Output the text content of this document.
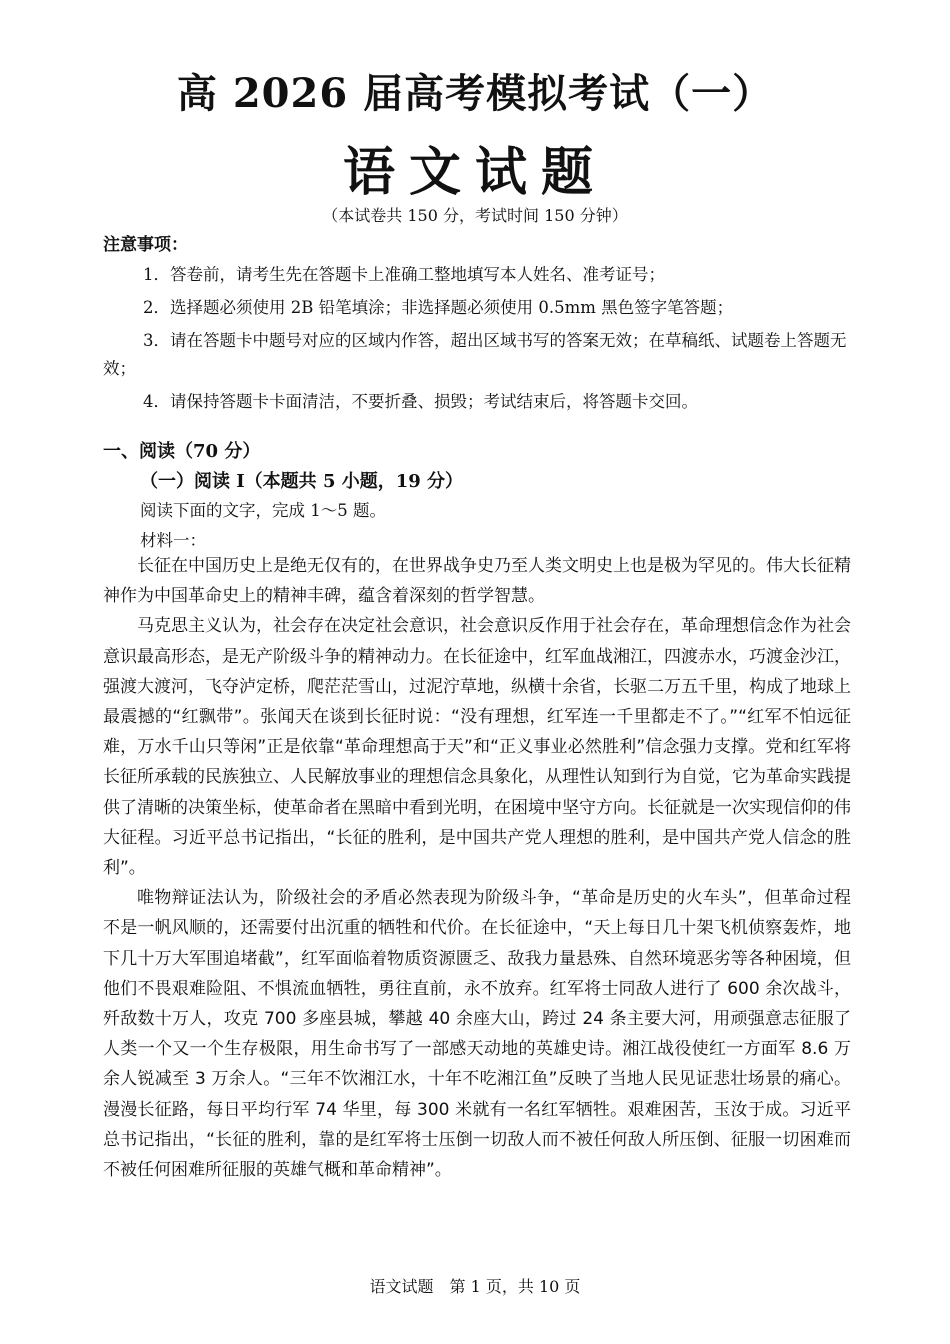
高 2026 届高考模拟考试（一）
语文试题

（本试卷共 150 分，考试时间 150 分钟）

注意事项：

1．答卷前，请考生先在答题卡上准确工整地填写本人姓名、准考证号；
2．选择题必须使用 2B 铅笔填涂；非选择题必须使用 0.5mm 黑色签字笔答题；
3．请在答题卡中题号对应的区域内作答，超出区域书写的答案无效；在草稿纸、试题卷上答题无效；
4．请保持答题卡卡面清洁，不要折叠、损毁；考试结束后，将答题卡交回。

一、阅读（70 分）

（一）阅读 I（本题共 5 小题，19 分）

阅读下面的文字，完成 1～5 题。

材料一：

长征在中国历史上是绝无仅有的，在世界战争史乃至人类文明史上也是极为罕见的。伟大长征精神作为中国革命史上的精神丰碑，蕴含着深刻的哲学智慧。

马克思主义认为，社会存在决定社会意识，社会意识反作用于社会存在，革命理想信念作为社会意识最高形态，是无产阶级斗争的精神动力。在长征途中，红军血战湘江，四渡赤水，巧渡金沙江，强渡大渡河，飞夺泸定桥，爬茫茫雪山，过泥泞草地，纵横十余省，长驱二万五千里，构成了地球上最震撼的“红飘带”。张闻天在谈到长征时说：“没有理想，红军连一千里都走不了。”“红军不怕远征难，万水千山只等闲”正是依靠“革命理想高于天”和“正义事业必然胜利”信念强力支撑。党和红军将长征所承载的民族独立、人民解放事业的理想信念具象化，从理性认知到行为自觉，它为革命实践提供了清晰的决策坐标，使革命者在黑暗中看到光明，在困境中坚守方向。长征就是一次实现信仰的伟大征程。习近平总书记指出，“长征的胜利，是中国共产党人理想的胜利，是中国共产党人信念的胜利”。

唯物辩证法认为，阶级社会的矛盾必然表现为阶级斗争，“革命是历史的火车头”，但革命过程不是一帆风顺的，还需要付出沉重的牺牲和代价。在长征途中，“天上每日几十架飞机侦察轰炸，地下几十万大军围追堵截”，红军面临着物质资源匮乏、敌我力量悬殊、自然环境恶劣等各种困境，但他们不畏艰难险阻、不惧流血牺牲，勇往直前，永不放弃。红军将士同敌人进行了 600 余次战斗，歼敌数十万人，攻克 700 多座县城，攀越 40 余座大山，跨过 24 条主要大河，用顽强意志征服了人类一个又一个生存极限，用生命书写了一部感天动地的英雄史诗。湘江战役使红一方面军 8.6 万余人锐减至 3 万余人。“三年不饮湘江水，十年不吃湘江鱼”反映了当地人民见证悲壮场景的痛心。漫漫长征路，每日平均行军 74 华里，每 300 米就有一名红军牺牲。艰难困苦，玉汝于成。习近平总书记指出，“长征的胜利，靠的是红军将士压倒一切敌人而不被任何敌人所压倒、征服一切困难而不被任何困难所征服的英雄气概和革命精神”。

语文试题　第 1 页，共 10 页
